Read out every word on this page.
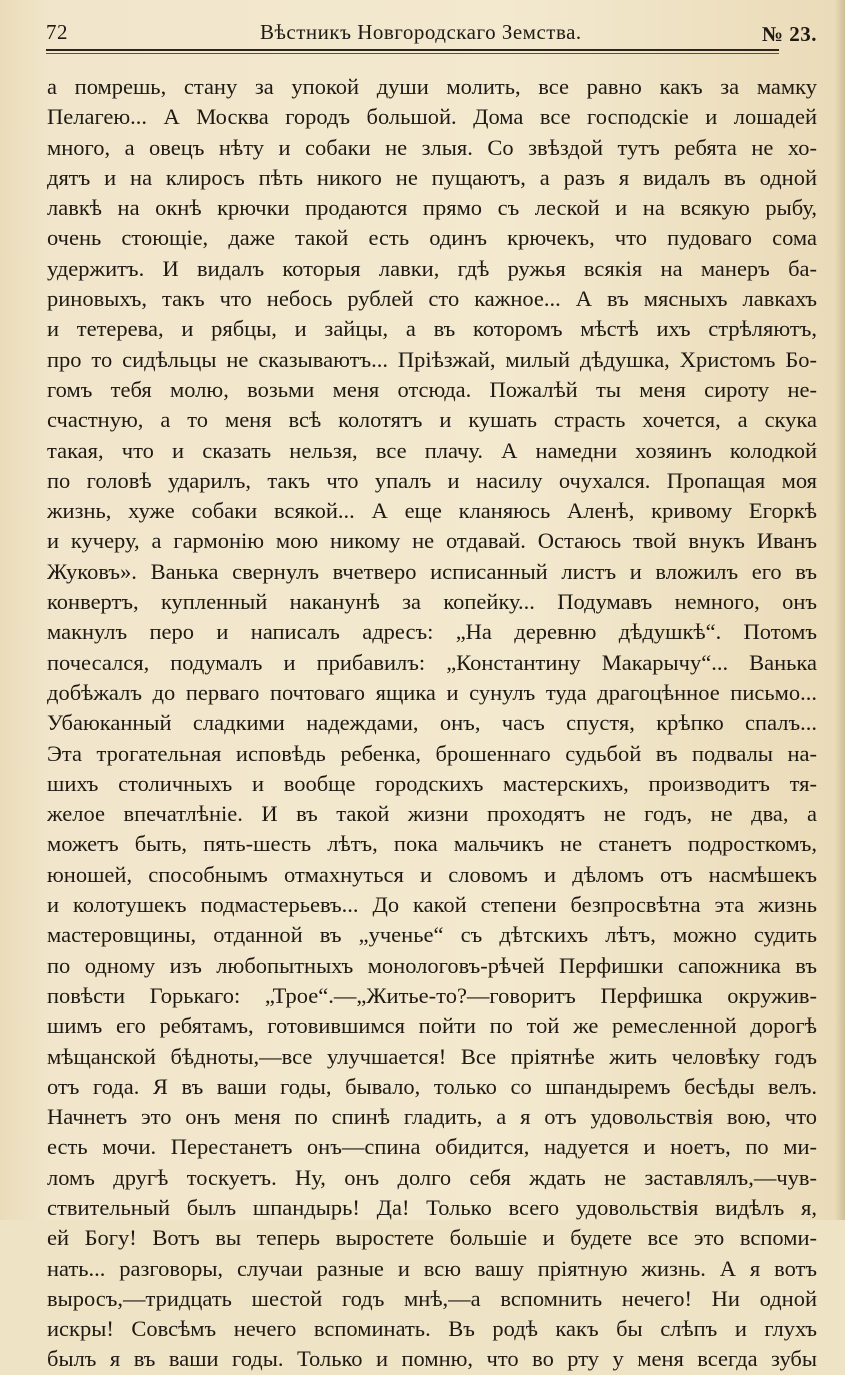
72	Вѣстникъ Новгородскаго Земства.	№ 23.
а помрешь, стану за упокой души молить, все равно какъ за мамку
Пелагею... А Москва городъ большой. Дома все господскіе и лошадей
много, а овецъ нѣту и собаки не злыя. Со звѣздой тутъ ребята не хо-
дятъ и на клиросъ пѣть никого не пущаютъ, а разъ я видалъ въ одной
лавкѣ на окнѣ крючки продаются прямо съ леской и на всякую рыбу,
очень стоющіе, даже такой есть одинъ крючекъ, что пудоваго сома
удержитъ. И видалъ которыя лавки, гдѣ ружья всякія на манеръ ба-
риновыхъ, такъ что небось рублей сто кажное... А въ мясныхъ лавкахъ
и тетерева, и рябцы, и зайцы, а въ которомъ мѣстѣ ихъ стрѣляютъ,
про то сидѣльцы не сказываютъ... Пріѣзжай, милый дѣдушка, Христомъ Бо-
гомъ тебя молю, возьми меня отсюда. Пожалѣй ты меня сироту не-
счастную, а то меня всѣ колотятъ и кушать страсть хочется, а скука
такая, что и сказать нельзя, все плачу. А намедни хозяинъ колодкой
по головѣ ударилъ, такъ что упалъ и насилу очухался. Пропащая моя
жизнь, хуже собаки всякой... А еще кланяюсь Аленѣ, кривому Егоркѣ
и кучеру, а гармонію мою никому не отдавай. Остаюсь твой внукъ Иванъ
Жуковъ». Ванька свернулъ вчетверо исписанный листъ и вложилъ его въ
конвертъ, купленный наканунѣ за копейку... Подумавъ немного, онъ
макнулъ перо и написалъ адресъ: „На деревню дѣдушкѣ“. Потомъ
почесался, подумалъ и прибавилъ: „Константину Макарычу“... Ванька
добѣжалъ до перваго почтоваго ящика и сунулъ туда драгоцѣнное письмо...
Убаюканный сладкими надеждами, онъ, часъ спустя, крѣпко спалъ...
Эта трогательная исповѣдь ребенка, брошеннаго судьбой въ подвалы на-
шихъ столичныхъ и вообще городскихъ мастерскихъ, производитъ тя-
желое впечатлѣніе. И въ такой жизни проходятъ не годъ, не два, а
можетъ быть, пять-шесть лѣтъ, пока мальчикъ не станетъ подросткомъ,
юношей, способнымъ отмахнуться и словомъ и дѣломъ отъ насмѣшекъ
и колотушекъ подмастерьевъ... До какой степени безпросвѣтна эта жизнь
мастеровщины, отданной въ „ученье“ съ дѣтскихъ лѣтъ, можно судить
по одному изъ любопытныхъ монологовъ-рѣчей Перфишки сапожника въ
повѣсти Горькаго: „Трое“.—„Житье-то?—говоритъ Перфишка окружив-
шимъ его ребятамъ, готовившимся пойти по той же ремесленной дорогѣ
мѣщанской бѣдноты,—все улучшается! Все пріятнѣе жить человѣку годъ
отъ года. Я въ ваши годы, бывало, только со шпандыремъ бесѣды велъ.
Начнетъ это онъ меня по спинѣ гладить, а я отъ удовольствія вою, что
есть мочи. Перестанетъ онъ—спина обидится, надуется и ноетъ, по ми-
ломъ другѣ тоскуетъ. Ну, онъ долго себя ждать не заставлялъ,—чув-
ствительный былъ шпандырь! Да! Только всего удовольствія видѣлъ я,
ей Богу! Вотъ вы теперь выростете большіе и будете все это вспоми-
нать... разговоры, случаи разные и всю вашу пріятную жизнь. А я вотъ
выросъ,—тридцать шестой годъ мнѣ,—а вспомнить нечего! Ни одной
искры! Совсѣмъ нечего вспоминать. Въ родѣ какъ бы слѣпъ и глухъ
былъ я въ ваши годы. Только и помню, что во рту у меня всегда зубы
